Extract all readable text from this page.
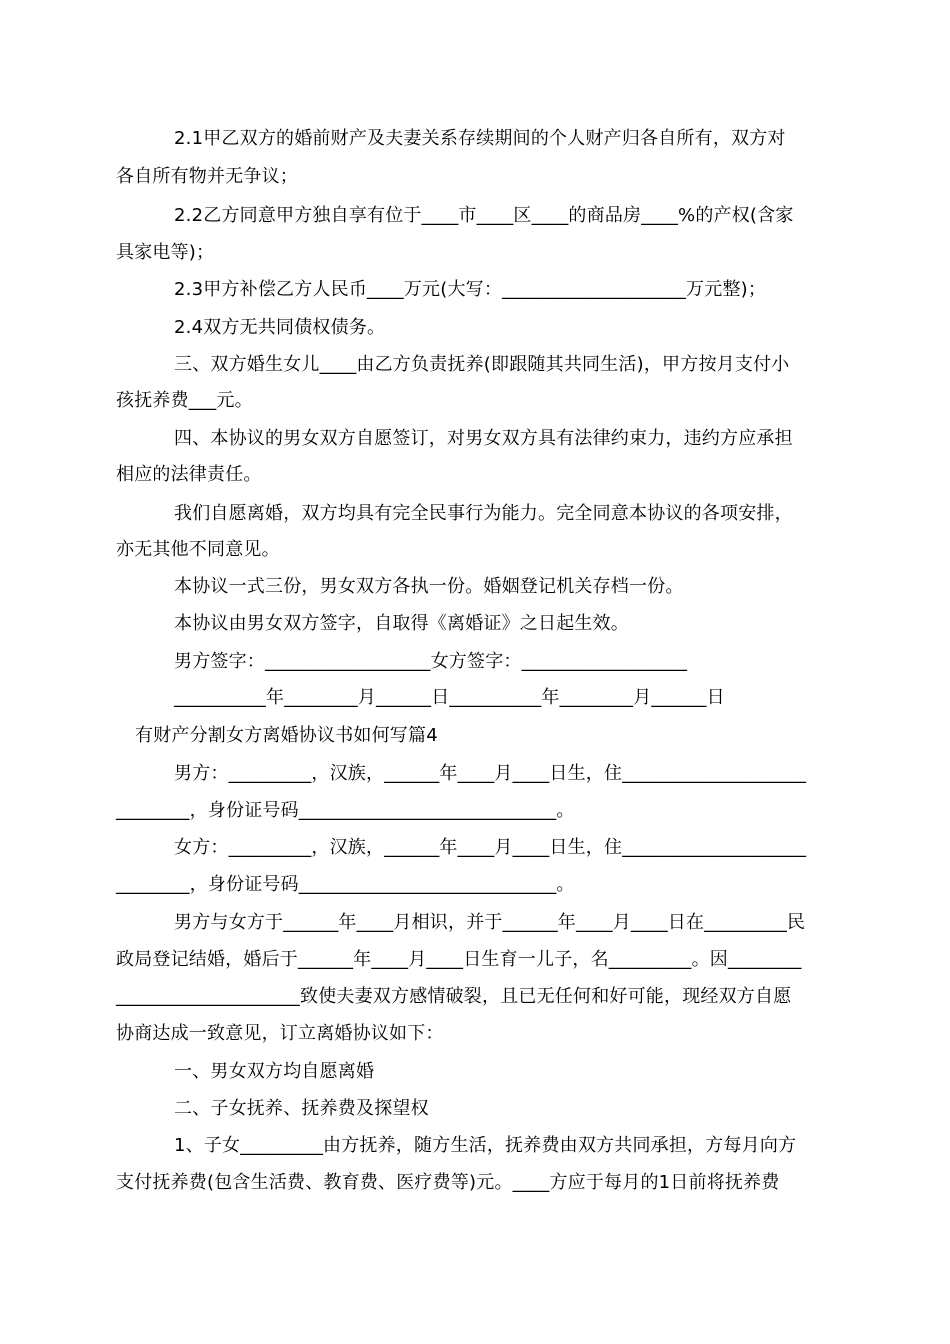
2.1甲乙双方的婚前财产及夫妻关系存续期间的个人财产归各自所有，双方对
各自所有物并无争议；
2.2乙方同意甲方独自享有位于____市____区____的商品房____%的产权(含家
具家电等)；
2.3甲方补偿乙方人民币____万元(大写：____________________万元整)；
2.4双方无共同债权债务。
三、双方婚生女儿____由乙方负责抚养(即跟随其共同生活)，甲方按月支付小
孩抚养费___元。
四、本协议的男女双方自愿签订，对男女双方具有法律约束力，违约方应承担
相应的法律责任。
我们自愿离婚，双方均具有完全民事行为能力。完全同意本协议的各项安排，
亦无其他不同意见。
本协议一式三份，男女双方各执一份。婚姻登记机关存档一份。
本协议由男女双方签字，自取得《离婚证》之日起生效。
男方签字：__________________女方签字：__________________
__________年________月______日__________年________月______日
有财产分割女方离婚协议书如何写篇4
男方：_________，汉族，______年____月____日生，住____________________
________，身份证号码____________________________。
女方：_________，汉族，______年____月____日生，住____________________
________，身份证号码____________________________。
男方与女方于______年____月相识，并于______年____月____日在_________民
政局登记结婚，婚后于______年____月____日生育一儿子，名_________。因________
____________________致使夫妻双方感情破裂，且已无任何和好可能，现经双方自愿
协商达成一致意见，订立离婚协议如下：
一、男女双方均自愿离婚
二、子女抚养、抚养费及探望权
1、子女_________由方抚养，随方生活，抚养费由双方共同承担，方每月向方
支付抚养费(包含生活费、教育费、医疗费等)元。____方应于每月的1日前将抚养费
